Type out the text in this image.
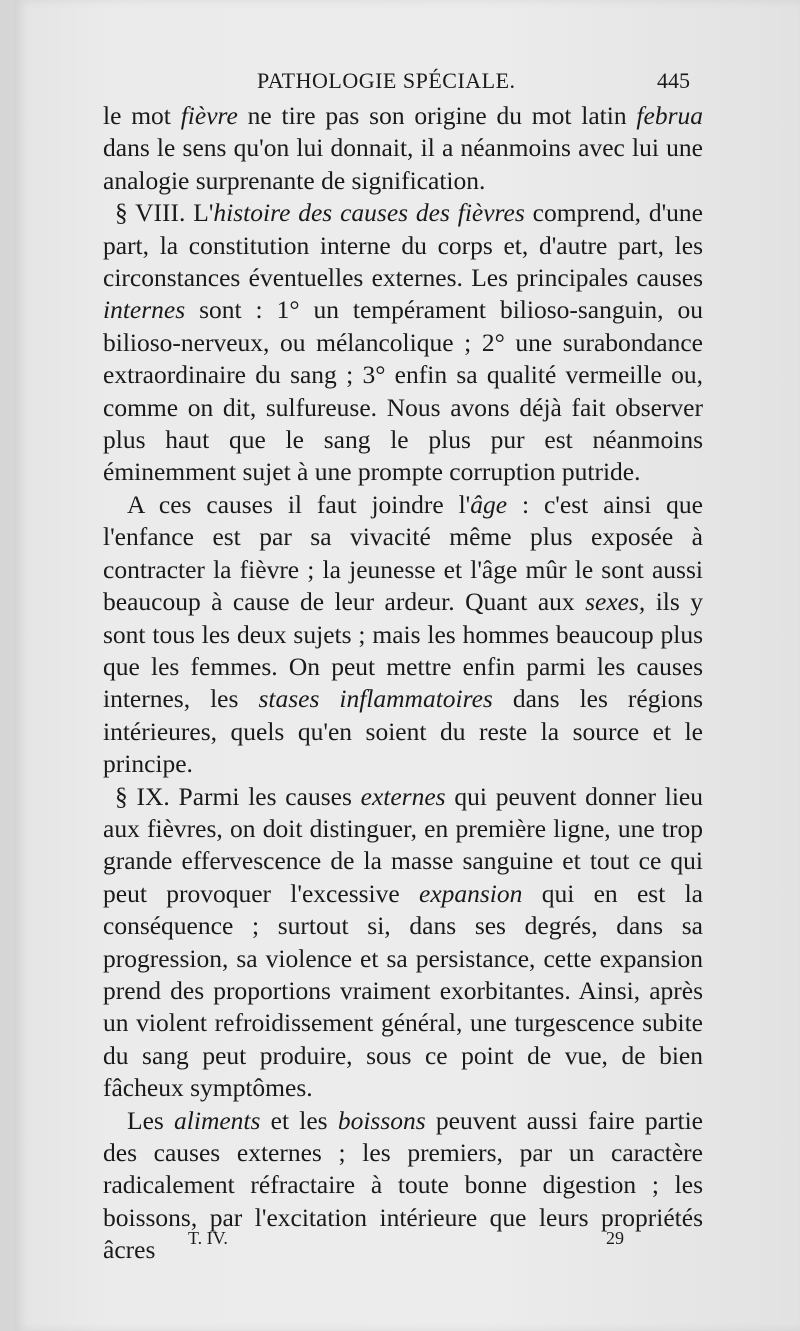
PATHOLOGIE SPÉCIALE.	445

le mot fièvre ne tire pas son origine du mot latin februa dans le sens qu'on lui donnait, il a néanmoins avec lui une analogie surprenante de signification.

§ VIII. L'histoire des causes des fièvres comprend, d'une part, la constitution interne du corps et, d'autre part, les circonstances éventuelles externes. Les principales causes internes sont : 1° un tempérament bilioso-sanguin, ou bilioso-nerveux, ou mélancolique ; 2° une surabondance extraordinaire du sang ; 3° enfin sa qualité vermeille ou, comme on dit, sulfureuse. Nous avons déjà fait observer plus haut que le sang le plus pur est néanmoins éminemment sujet à une prompte corruption putride.

A ces causes il faut joindre l'âge : c'est ainsi que l'enfance est par sa vivacité même plus exposée à contracter la fièvre ; la jeunesse et l'âge mûr le sont aussi beaucoup à cause de leur ardeur. Quant aux sexes, ils y sont tous les deux sujets ; mais les hommes beaucoup plus que les femmes. On peut mettre enfin parmi les causes internes, les stases inflammatoires dans les régions intérieures, quels qu'en soient du reste la source et le principe.

§ IX. Parmi les causes externes qui peuvent donner lieu aux fièvres, on doit distinguer, en première ligne, une trop grande effervescence de la masse sanguine et tout ce qui peut provoquer l'excessive expansion qui en est la conséquence ; surtout si, dans ses degrés, dans sa progression, sa violence et sa persistance, cette expansion prend des proportions vraiment exorbitantes. Ainsi, après un violent refroidissement général, une turgescence subite du sang peut produire, sous ce point de vue, de bien fâcheux symptômes.

Les aliments et les boissons peuvent aussi faire partie des causes externes ; les premiers, par un caractère radicalement réfractaire à toute bonne digestion ; les boissons, par l'excitation intérieure que leurs propriétés âcres	T. IV.	29
